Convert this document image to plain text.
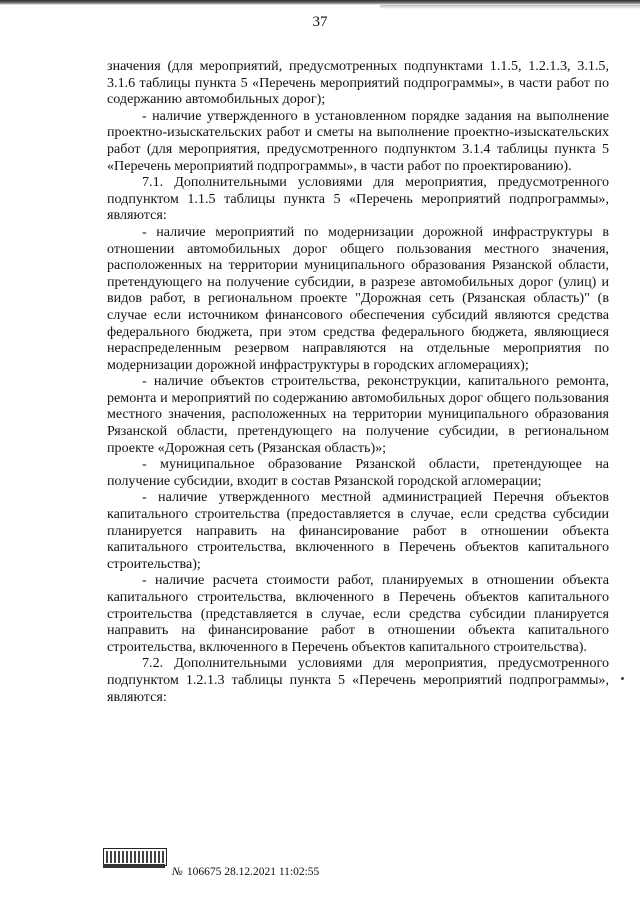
37

значения (для мероприятий, предусмотренных подпунктами 1.1.5, 1.2.1.3, 3.1.5, 3.1.6 таблицы пункта 5 «Перечень мероприятий подпрограммы», в части работ по содержанию автомобильных дорог);

- наличие утвержденного в установленном порядке задания на выполнение проектно-изыскательских работ и сметы на выполнение проектно-изыскательских работ (для мероприятия, предусмотренного подпунктом 3.1.4 таблицы пункта 5 «Перечень мероприятий подпрограммы», в части работ по проектированию).

7.1. Дополнительными условиями для мероприятия, предусмотренного подпунктом 1.1.5 таблицы пункта 5 «Перечень мероприятий подпрограммы», являются:

- наличие мероприятий по модернизации дорожной инфраструктуры в отношении автомобильных дорог общего пользования местного значения, расположенных на территории муниципального образования Рязанской области, претендующего на получение субсидии, в разрезе автомобильных дорог (улиц) и видов работ, в региональном проекте "Дорожная сеть (Рязанская область)" (в случае если источником финансового обеспечения субсидий являются средства федерального бюджета, при этом средства федерального бюджета, являющиеся нераспределенным резервом направляются на отдельные мероприятия по модернизации дорожной инфраструктуры в городских агломерациях);

- наличие объектов строительства, реконструкции, капитального ремонта, ремонта и мероприятий по содержанию автомобильных дорог общего пользования местного значения, расположенных на территории муниципального образования Рязанской области, претендующего на получение субсидии, в региональном проекте «Дорожная сеть (Рязанская область)»;

- муниципальное образование Рязанской области, претендующее на получение субсидии, входит в состав Рязанской городской агломерации;

- наличие утвержденного местной администрацией Перечня объектов капитального строительства (предоставляется в случае, если средства субсидии планируется направить на финансирование работ в отношении объекта капитального строительства, включенного в Перечень объектов капитального строительства);

- наличие расчета стоимости работ, планируемых в отношении объекта капитального строительства, включенного в Перечень объектов капитального строительства (представляется в случае, если средства субсидии планируется направить на финансирование работ в отношении объекта капитального строительства, включенного в Перечень объектов капитального строительства).

7.2. Дополнительными условиями для мероприятия, предусмотренного подпунктом 1.2.1.3 таблицы пункта 5 «Перечень мероприятий подпрограммы», являются:

№ 106675 28.12.2021 11:02:55
